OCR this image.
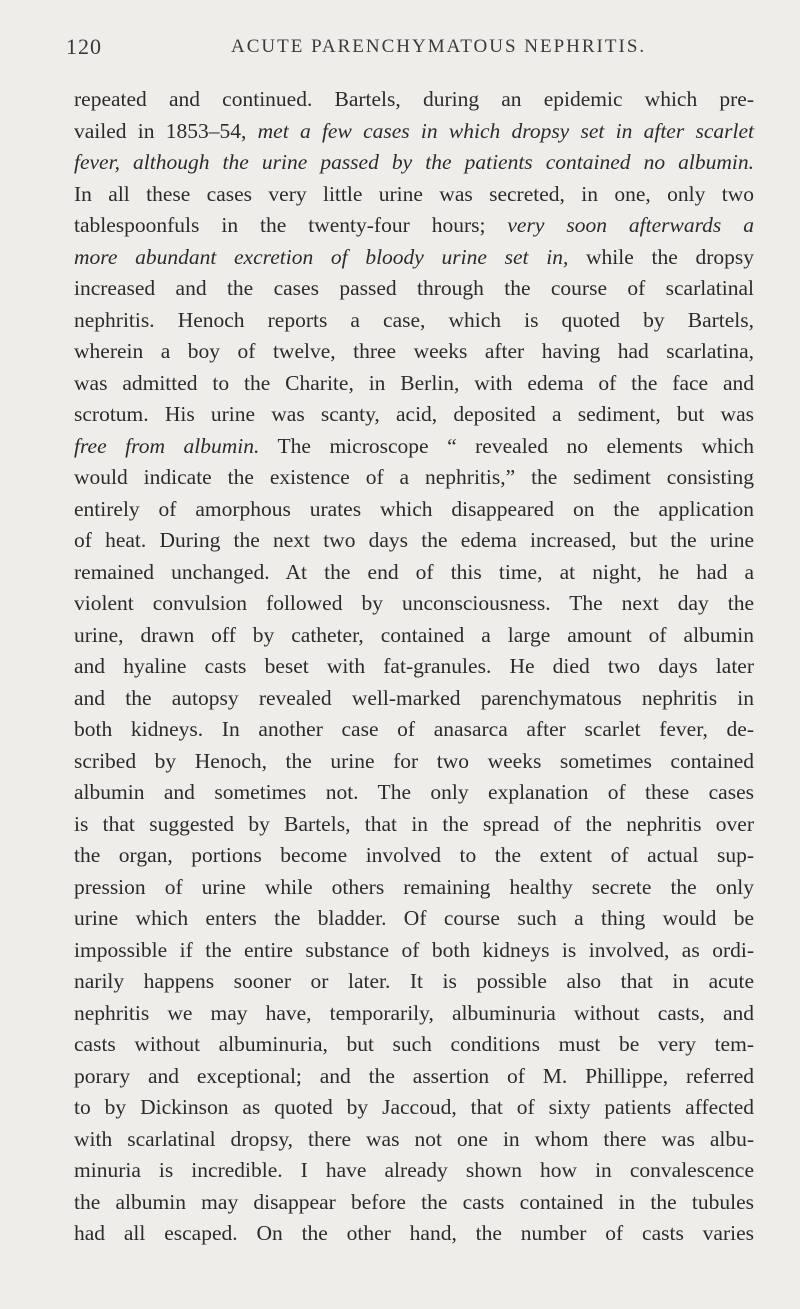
120	ACUTE PARENCHYMATOUS NEPHRITIS.
repeated and continued. Bartels, during an epidemic which pre-
vailed in 1853–54, met a few cases in which dropsy set in after scarlet
fever, although the urine passed by the patients contained no albumin.
In all these cases very little urine was secreted, in one, only two
tablespoonfuls in the twenty-four hours; very soon afterwards a
more abundant excretion of bloody urine set in, while the dropsy
increased and the cases passed through the course of scarlatinal
nephritis. Henoch reports a case, which is quoted by Bartels,
wherein a boy of twelve, three weeks after having had scarlatina,
was admitted to the Charite, in Berlin, with edema of the face and
scrotum. His urine was scanty, acid, deposited a sediment, but was
free from albumin. The microscope “ revealed no elements which
would indicate the existence of a nephritis,” the sediment consisting
entirely of amorphous urates which disappeared on the application
of heat. During the next two days the edema increased, but the urine
remained unchanged. At the end of this time, at night, he had a
violent convulsion followed by unconsciousness. The next day the
urine, drawn off by catheter, contained a large amount of albumin
and hyaline casts beset with fat-granules. He died two days later
and the autopsy revealed well-marked parenchymatous nephritis in
both kidneys. In another case of anasarca after scarlet fever, de-
scribed by Henoch, the urine for two weeks sometimes contained
albumin and sometimes not. The only explanation of these cases
is that suggested by Bartels, that in the spread of the nephritis over
the organ, portions become involved to the extent of actual sup-
pression of urine while others remaining healthy secrete the only
urine which enters the bladder. Of course such a thing would be
impossible if the entire substance of both kidneys is involved, as ordi-
narily happens sooner or later. It is possible also that in acute
nephritis we may have, temporarily, albuminuria without casts, and
casts without albuminuria, but such conditions must be very tem-
porary and exceptional; and the assertion of M. Phillippe, referred
to by Dickinson as quoted by Jaccoud, that of sixty patients affected
with scarlatinal dropsy, there was not one in whom there was albu-
minuria is incredible. I have already shown how in convalescence
the albumin may disappear before the casts contained in the tubules
had all escaped. On the other hand, the number of casts varies
